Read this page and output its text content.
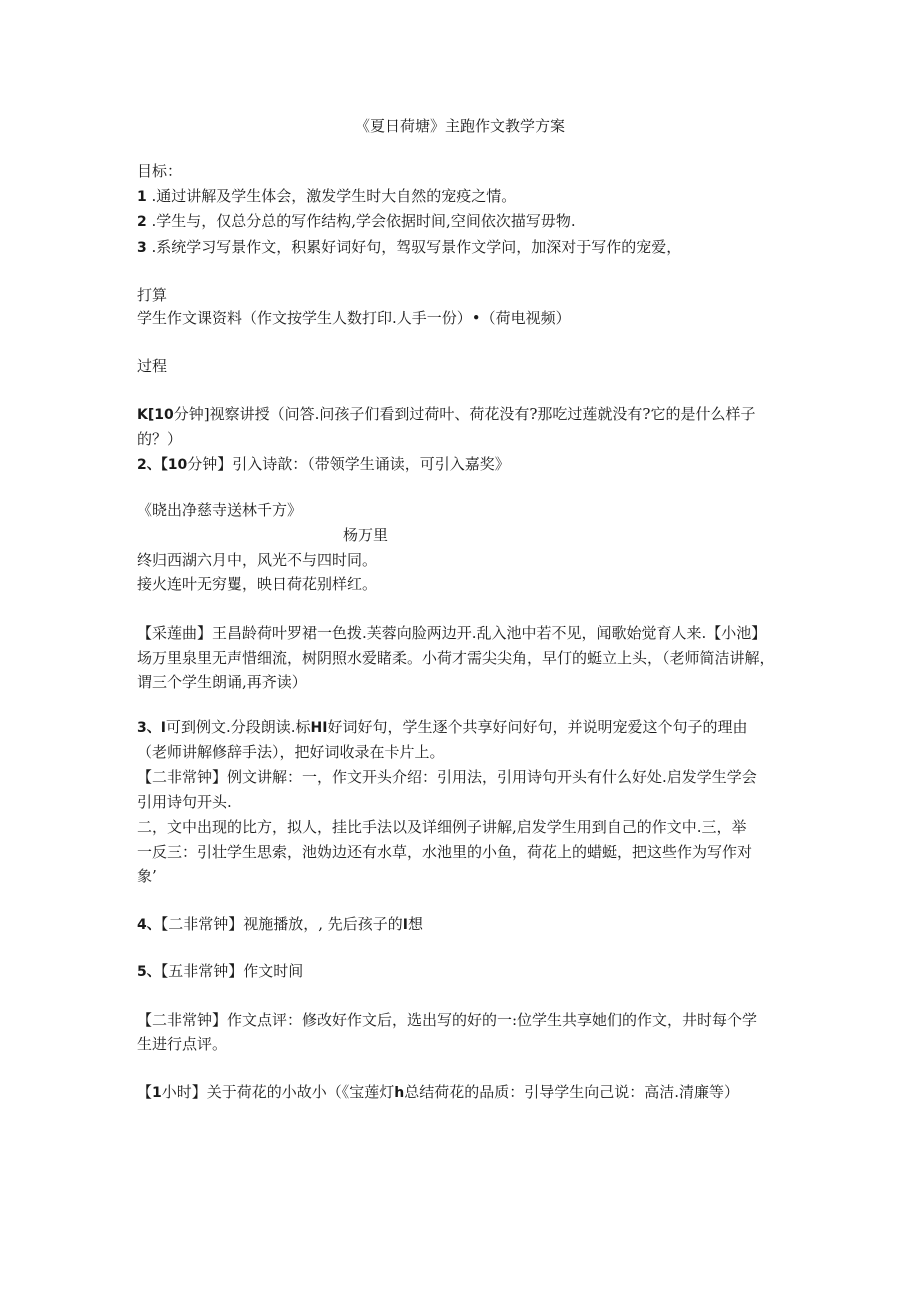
《夏日荷塘》主跑作文教学方案
目标：
1 .通过讲解及学生体会，激发学生时大自然的宠疫之情。
2 .学生与，仅总分总的写作结构,学会依据时间,空间依次描写毋物.
3 .系统学习写景作文，积累好词好句，驾驭写景作文学问，加深对于写作的宠爱，
打算
学生作文课资料（作文按学生人数打印.人手一份）•（荷电视频）
过程
K[10分钟]视察讲授（问答.问孩子们看到过荷叶、荷花没有?那吃过莲就没有?它的是什么样子
的？）
2、【10分钟】引入诗歆：（带领学生诵读，可引入嘉奖》
《晓出净慈寺送林千方》
杨万里
终归西湖六月中，风光不与四时同。
接火连叶无穷矍，映日荷花别样红。
【采莲曲】王昌龄荷叶罗裙一色拨.芙蓉向脸两边开.乱入池中若不见，闻歌始觉育人来.【小池】
场万里泉里无声惜细流，树阴照水爱睹柔。小荷才需尖尖角，早仃的蜓立上头，（老师简洁讲解，
谓三个学生朗诵,再齐读）
3、I可到例文.分段朗读.标HI好词好句，学生逐个共享好问好句，并说明宠爱这个句子的理由
（老师讲解修辞手法），把好词收录在卡片上。
【二非常钟】例文讲解：一，作文开头介绍：引用法，引用诗句开头有什么好处.启发学生学会
引用诗句开头.
二，文中出现的比方，拟人，挂比手法以及详细例子讲解,启发学生用到自己的作文中.三，举
一反三：引壮学生思索，池妫边还有水草，水池里的小鱼，荷花上的蜡蜓，把这些作为写作对
象’
4、【二非常钟】视施播放，, 先后孩子的I想
5、【五非常钟】作文时间
【二非常钟】作文点评：修改好作文后，选出写的好的一:位学生共享她们的作文，井时每个学
生进行点评。
【1小时】关于荷花的小故小（《宝莲灯h总结荷花的品质：引导学生向己说：高洁.清廉等）
